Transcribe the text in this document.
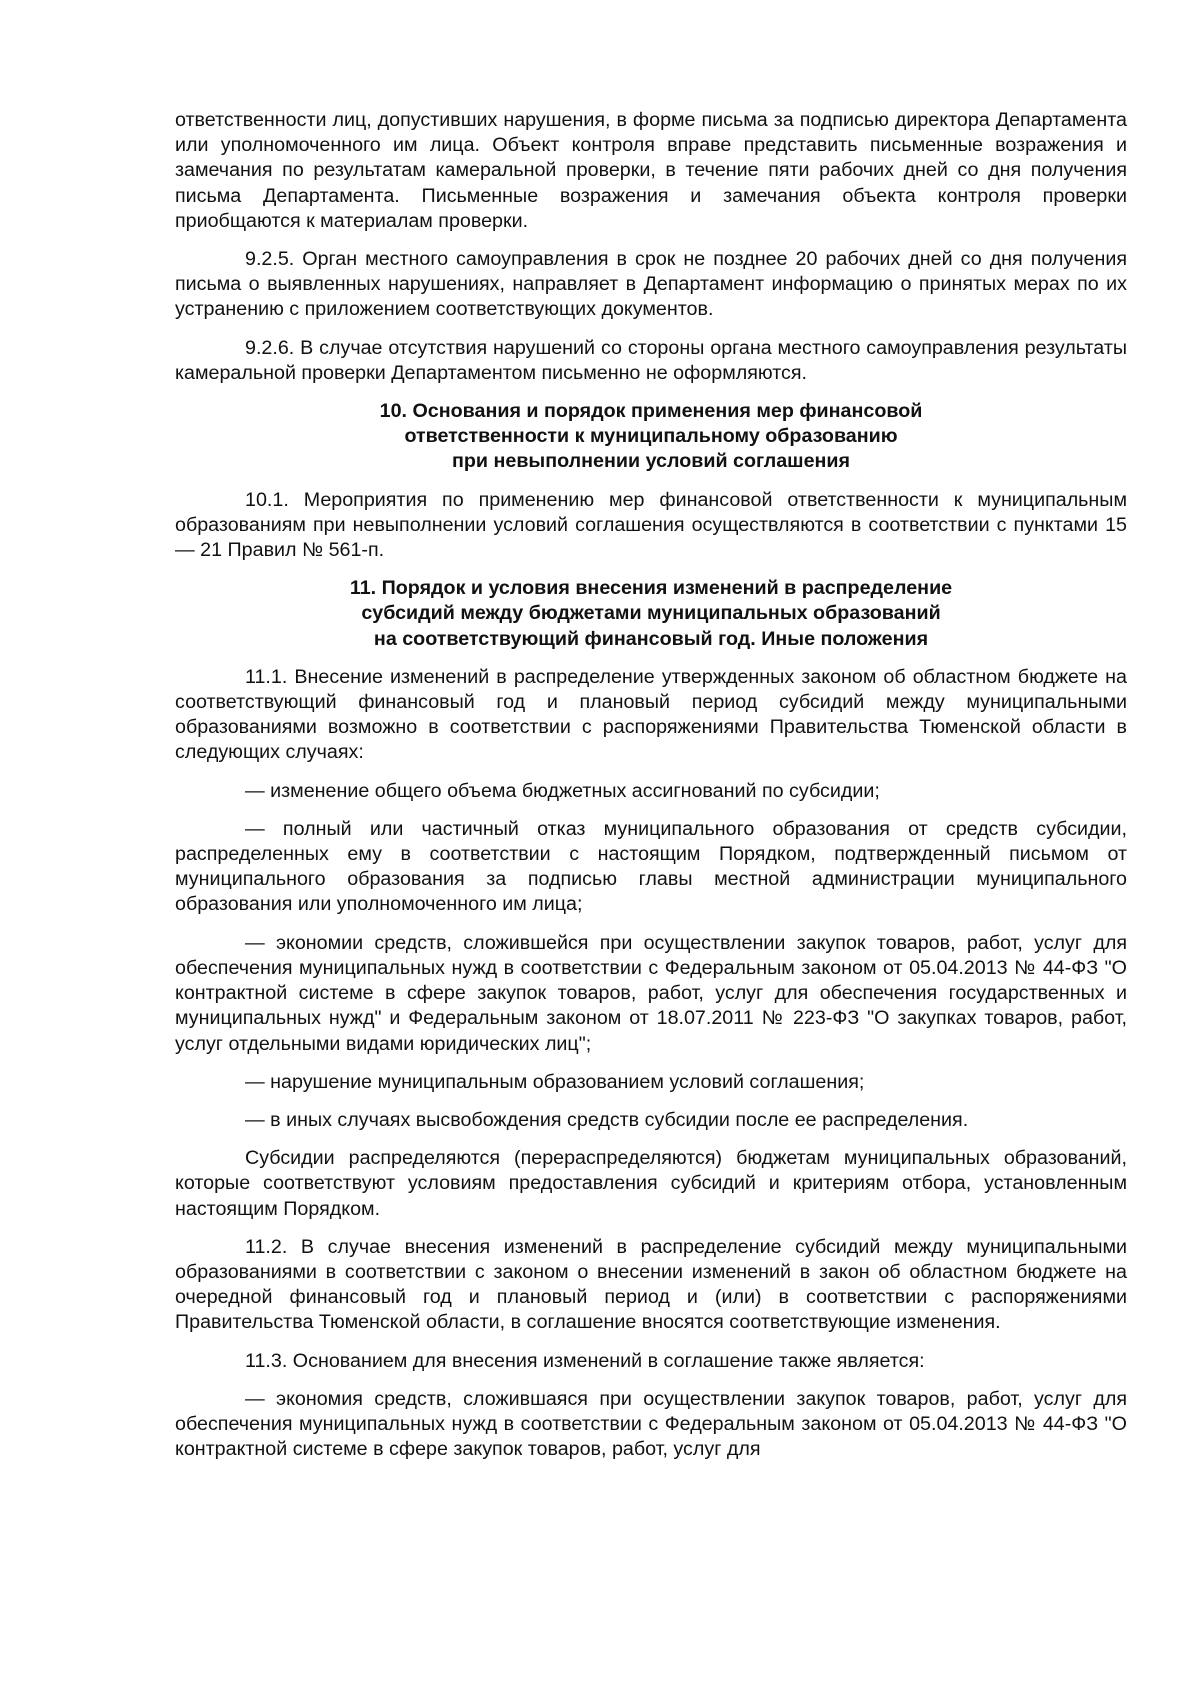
ответственности лиц, допустивших нарушения, в форме письма за подписью директора Департамента или уполномоченного им лица. Объект контроля вправе представить письменные возражения и замечания по результатам камеральной проверки, в течение пяти рабочих дней со дня получения письма Департамента. Письменные возражения и замечания объекта контроля проверки приобщаются к материалам проверки.

9.2.5. Орган местного самоуправления в срок не позднее 20 рабочих дней со дня получения письма о выявленных нарушениях, направляет в Департамент информацию о принятых мерах по их устранению с приложением соответствующих документов.

9.2.6. В случае отсутствия нарушений со стороны органа местного самоуправления результаты камеральной проверки Департаментом письменно не оформляются.

10. Основания и порядок применения мер финансовой
ответственности к муниципальному образованию
при невыполнении условий соглашения

10.1. Мероприятия по применению мер финансовой ответственности к муниципальным образованиям при невыполнении условий соглашения осуществляются в соответствии с пунктами 15 — 21 Правил № 561-п.

11. Порядок и условия внесения изменений в распределение
субсидий между бюджетами муниципальных образований
на соответствующий финансовый год. Иные положения

11.1. Внесение изменений в распределение утвержденных законом об областном бюджете на соответствующий финансовый год и плановый период субсидий между муниципальными образованиями возможно в соответствии с распоряжениями Правительства Тюменской области в следующих случаях:

— изменение общего объема бюджетных ассигнований по субсидии;

— полный или частичный отказ муниципального образования от средств субсидии, распределенных ему в соответствии с настоящим Порядком, подтвержденный письмом от муниципального образования за подписью главы местной администрации муниципального образования или уполномоченного им лица;

— экономии средств, сложившейся при осуществлении закупок товаров, работ, услуг для обеспечения муниципальных нужд в соответствии с Федеральным законом от 05.04.2013 № 44-ФЗ "О контрактной системе в сфере закупок товаров, работ, услуг для обеспечения государственных и муниципальных нужд" и Федеральным законом от 18.07.2011 № 223-ФЗ "О закупках товаров, работ, услуг отдельными видами юридических лиц";

— нарушение муниципальным образованием условий соглашения;

— в иных случаях высвобождения средств субсидии после ее распределения.

Субсидии распределяются (перераспределяются) бюджетам муниципальных образований, которые соответствуют условиям предоставления субсидий и критериям отбора, установленным настоящим Порядком.

11.2. В случае внесения изменений в распределение субсидий между муниципальными образованиями в соответствии с законом о внесении изменений в закон об областном бюджете на очередной финансовый год и плановый период и (или) в соответствии с распоряжениями Правительства Тюменской области, в соглашение вносятся соответствующие изменения.

11.3. Основанием для внесения изменений в соглашение также является:

— экономия средств, сложившаяся при осуществлении закупок товаров, работ, услуг для обеспечения муниципальных нужд в соответствии с Федеральным законом от 05.04.2013 № 44-ФЗ "О контрактной системе в сфере закупок товаров, работ, услуг для
